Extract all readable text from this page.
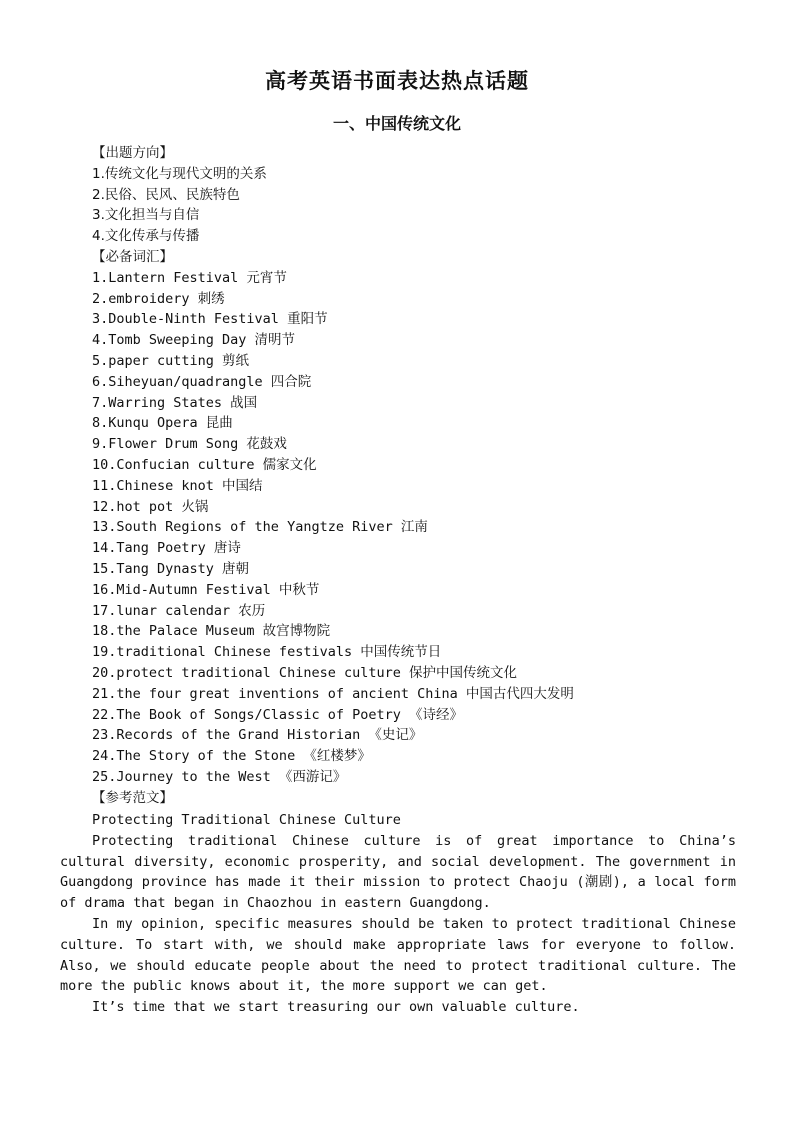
高考英语书面表达热点话题
一、中国传统文化
【出题方向】
1.传统文化与现代文明的关系
2.民俗、民风、民族特色
3.文化担当与自信
4.文化传承与传播
【必备词汇】
1.Lantern Festival 元宵节
2.embroidery 刺绣
3.Double-Ninth Festival 重阳节
4.Tomb Sweeping Day 清明节
5.paper cutting 剪纸
6.Siheyuan/quadrangle 四合院
7.Warring States 战国
8.Kunqu Opera 昆曲
9.Flower Drum Song 花鼓戏
10.Confucian culture 儒家文化
11.Chinese knot 中国结
12.hot pot 火锅
13.South Regions of the Yangtze River 江南
14.Tang Poetry 唐诗
15.Tang Dynasty 唐朝
16.Mid-Autumn Festival 中秋节
17.lunar calendar 农历
18.the Palace Museum 故宫博物院
19.traditional Chinese festivals 中国传统节日
20.protect traditional Chinese culture 保护中国传统文化
21.the four great inventions of ancient China 中国古代四大发明
22.The Book of Songs/Classic of Poetry 《诗经》
23.Records of the Grand Historian 《史记》
24.The Story of the Stone 《红楼梦》
25.Journey to the West 《西游记》
【参考范文】
Protecting Traditional Chinese Culture

Protecting traditional Chinese culture is of great importance to China’s cultural diversity, economic prosperity, and social development. The government in Guangdong province has made it their mission to protect Chaoju (潮剧), a local form of drama that began in Chaozhou in eastern Guangdong.

In my opinion, specific measures should be taken to protect traditional Chinese culture. To start with, we should make appropriate laws for everyone to follow. Also, we should educate people about the need to protect traditional culture. The more the public knows about it, the more support we can get.

It’s time that we start treasuring our own valuable culture.
